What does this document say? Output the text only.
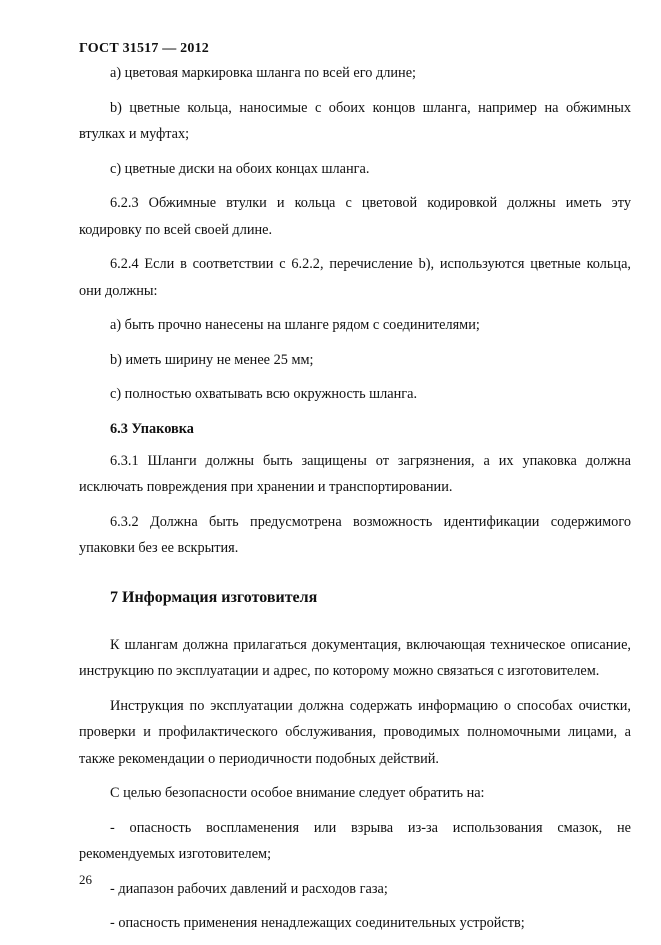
ГОСТ 31517 — 2012

а) цветовая маркировка шланга по всей его длине;

b) цветные кольца, наносимые с обоих концов шланга, например на обжимных втулках и муфтах;

c) цветные диски на обоих концах шланга.

6.2.3 Обжимные втулки и кольца с цветовой кодировкой должны иметь эту кодировку по всей своей длине.

6.2.4 Если в соответствии с 6.2.2, перечисление b), используются цветные кольца, они должны:

a) быть прочно нанесены на шланге рядом с соединителями;

b) иметь ширину не менее 25 мм;

c) полностью охватывать всю окружность шланга.

6.3 Упаковка

6.3.1 Шланги должны быть защищены от загрязнения, а их упаковка должна исключать повреждения при хранении и транспортировании.

6.3.2 Должна быть предусмотрена возможность идентификации содержимого упаковки без ее вскрытия.

7 Информация изготовителя

К шлангам должна прилагаться документация, включающая техническое описание, инструкцию по эксплуатации и адрес, по которому можно связаться с изготовителем.

Инструкция по эксплуатации должна содержать информацию о способах очистки, проверки и профилактического обслуживания, проводимых полномочными лицами, а также рекомендации о периодичности подобных действий.

С целью безопасности особое внимание следует обратить на:

- опасность воспламенения или взрыва из-за использования смазок, не рекомендуемых изготовителем;

- диапазон рабочих давлений и расходов газа;

- опасность применения ненадлежащих соединительных устройств;

26
